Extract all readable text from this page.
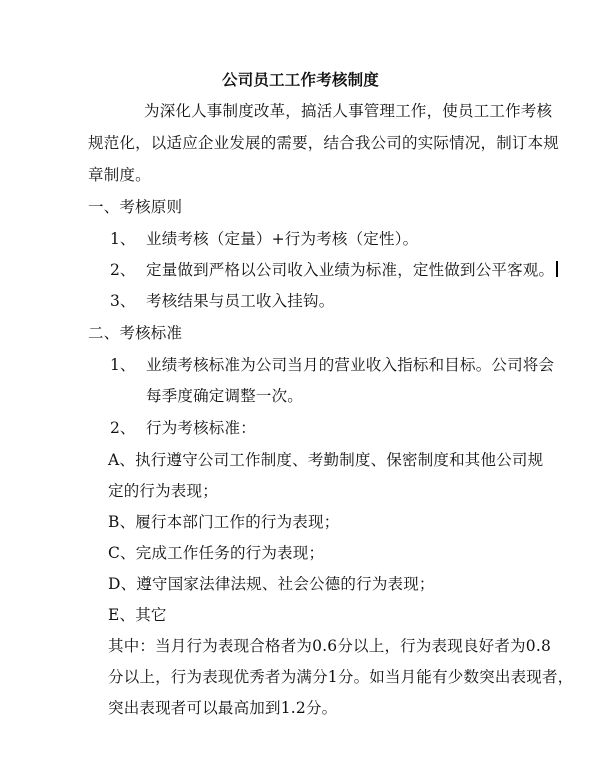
公司员工工作考核制度
为深化人事制度改革，搞活人事管理工作，使员工工作考核
规范化，以适应企业发展的需要，结合我公司的实际情况，制订本规
章制度。
一、考核原则
1、 业绩考核（定量）+行为考核（定性）。
2、 定量做到严格以公司收入业绩为标准，定性做到公平客观。
3、 考核结果与员工收入挂钩。
二、考核标准
1、 业绩考核标准为公司当月的营业收入指标和目标。公司将会
每季度确定调整一次。
2、 行为考核标准：
A、执行遵守公司工作制度、考勤制度、保密制度和其他公司规
定的行为表现；
B、履行本部门工作的行为表现；
C、完成工作任务的行为表现；
D、遵守国家法律法规、社会公德的行为表现；
E、其它
其中：当月行为表现合格者为0.6分以上，行为表现良好者为0.8
分以上，行为表现优秀者为满分1分。如当月能有少数突出表现者，
突出表现者可以最高加到1.2分。
